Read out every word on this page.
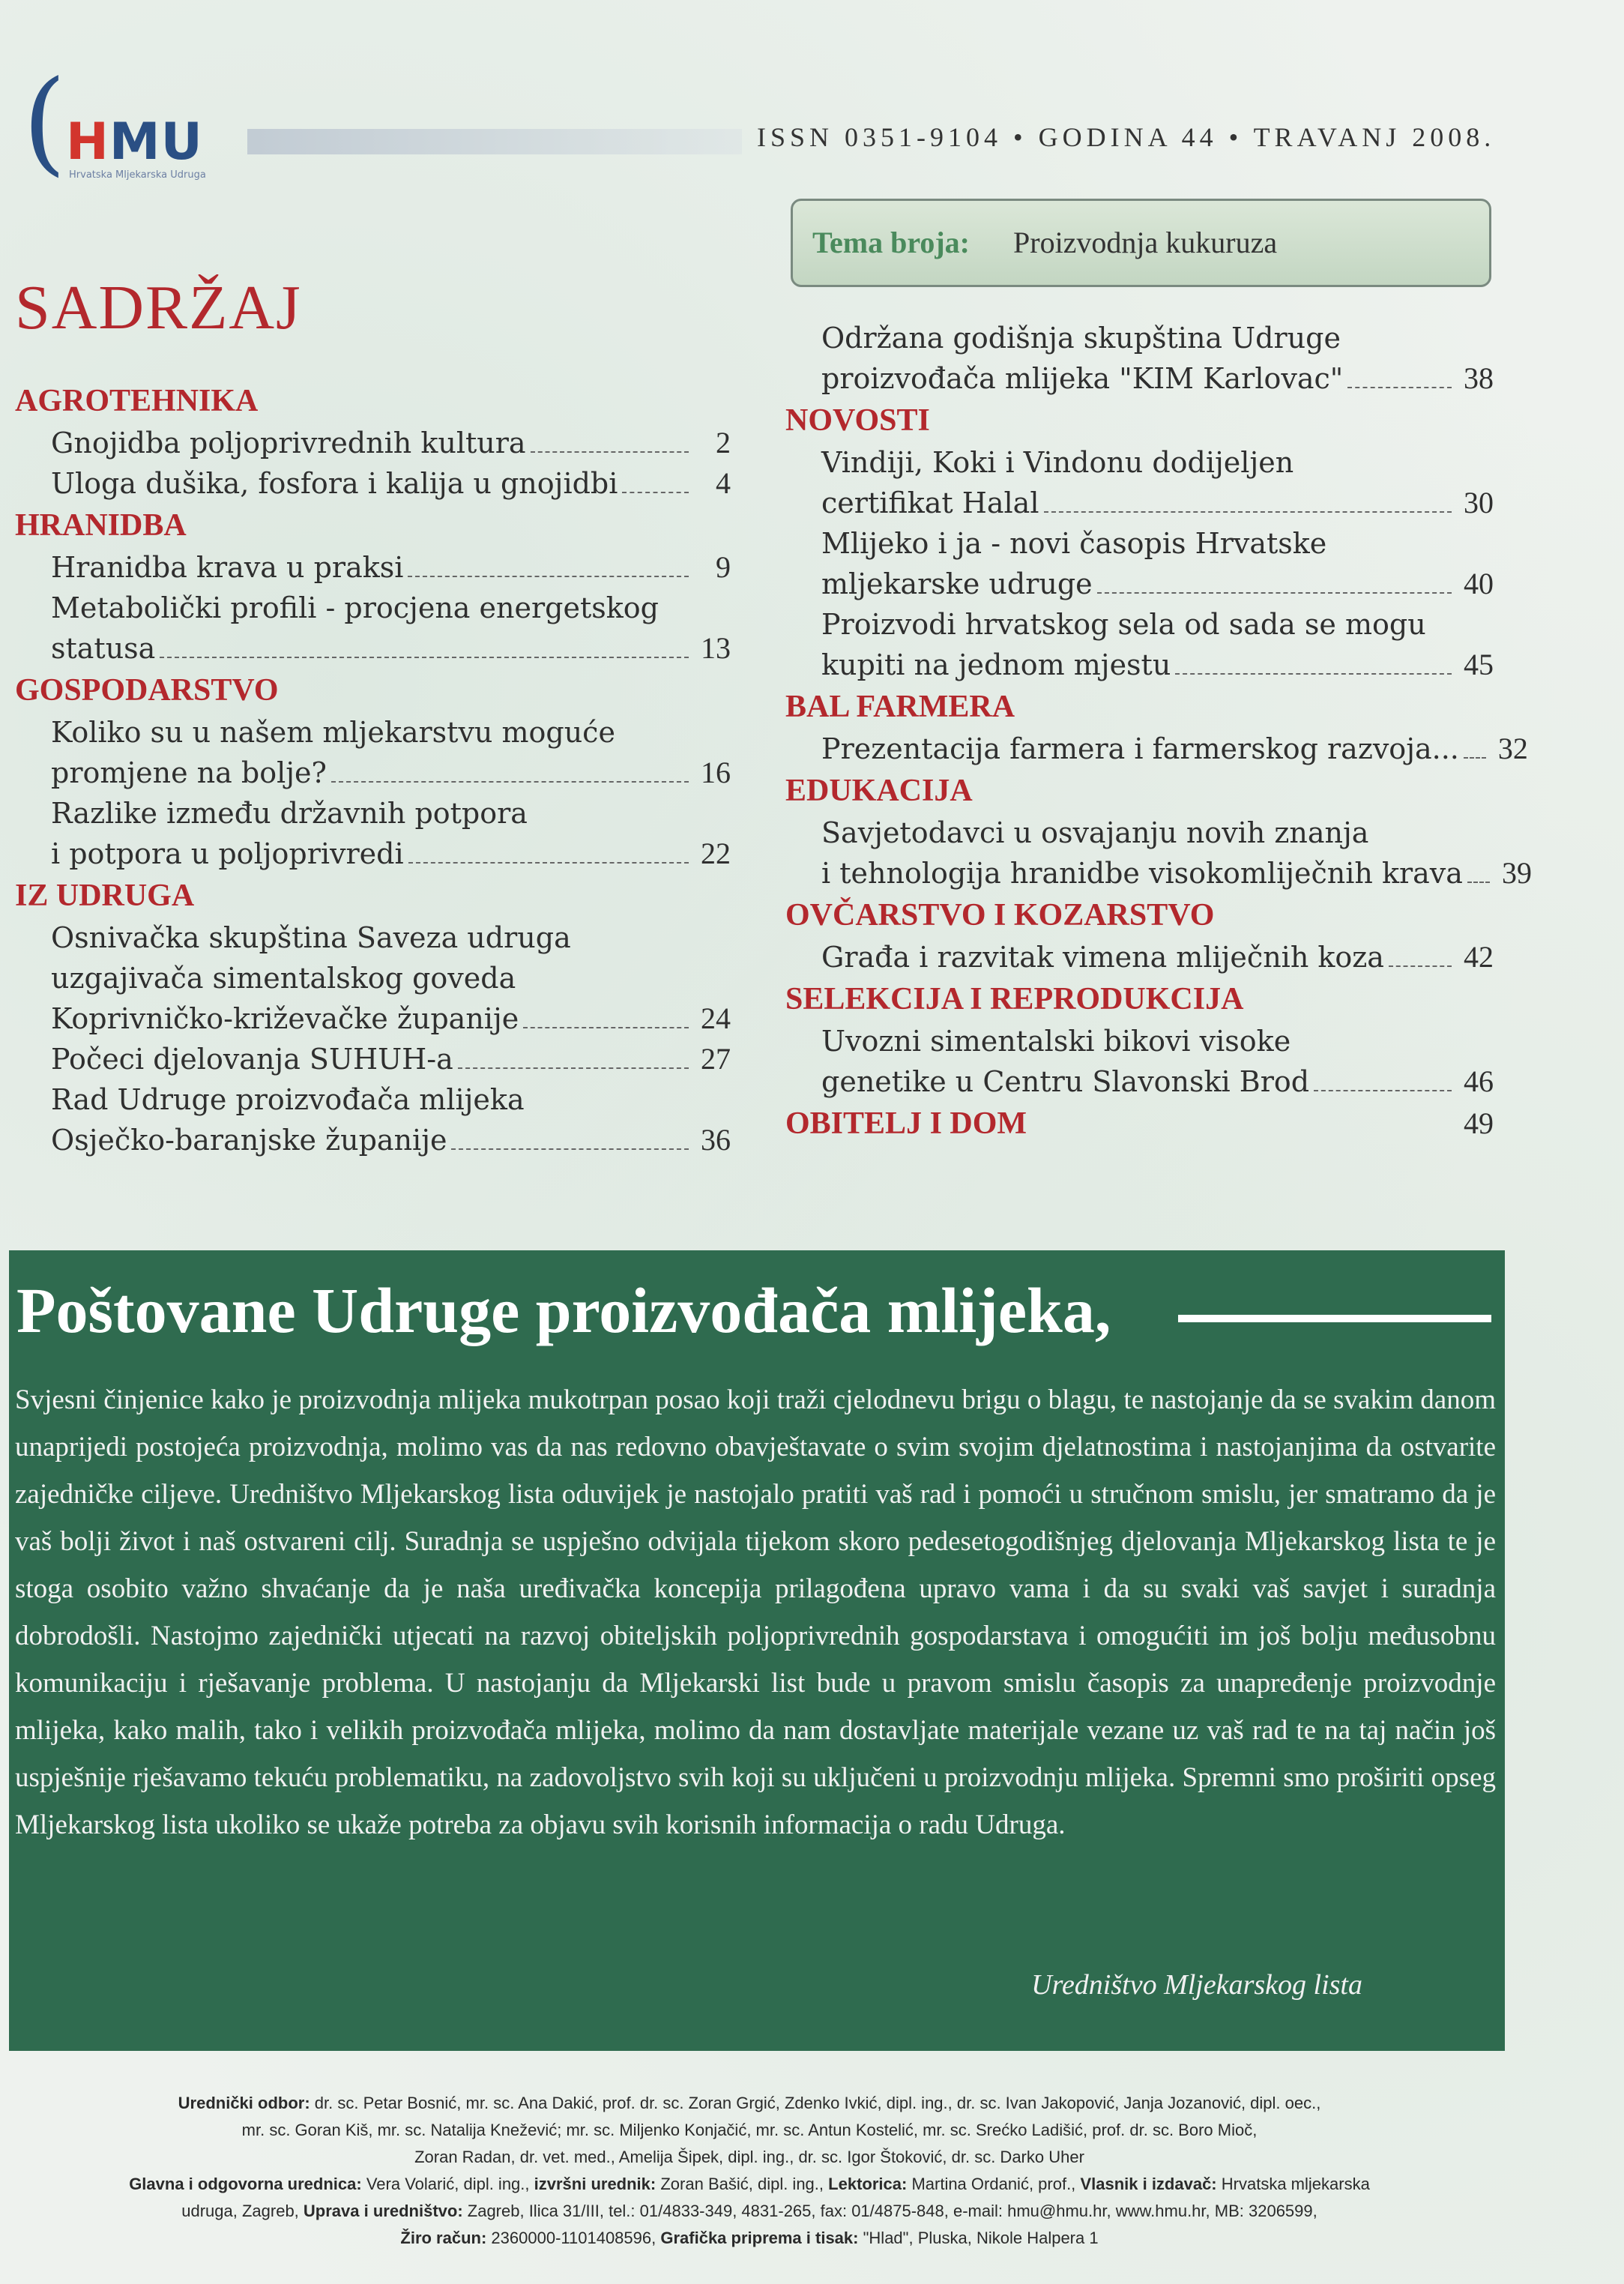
( HMU
Hrvatska Mljekarska Udruga
ISSN 0351-9104 • GODINA 44 • TRAVANJ 2008.
Tema broja: Proizvodnja kukuruza
SADRŽAJ
AGROTEHNIKA
Gnojidba poljoprivrednih kultura	2
Uloga dušika, fosfora i kalija u gnojidbi	4
HRANIDBA
Hranidba krava u praksi	9
Metabolički profili - procjena energetskog
statusa	13
GOSPODARSTVO
Koliko su u našem mljekarstvu moguće
promjene na bolje?	16
Razlike između državnih potpora
i potpora u poljoprivredi	22
IZ UDRUGA
Osnivačka skupština Saveza udruga
uzgajivača simentalskog goveda
Koprivničko-križevačke županije	24
Počeci djelovanja SUHUH-a	27
Rad Udruge proizvođača mlijeka
Osječko-baranjske županije	36
Održana godišnja skupština Udruge
proizvođača mlijeka "KIM Karlovac"	38
NOVOSTI
Vindiji, Koki i Vindonu dodijeljen
certifikat Halal	30
Mlijeko i ja - novi časopis Hrvatske
mljekarske udruge	40
Proizvodi hrvatskog sela od sada se mogu
kupiti na jednom mjestu	45
BAL FARMERA
Prezentacija farmera i farmerskog razvoja... 32
EDUKACIJA
Savjetodavci u osvajanju novih znanja
i tehnologija hranidbe visokomliječnih krava 39
OVČARSTVO I KOZARSTVO
Građa i razvitak vimena mliječnih koza	42
SELEKCIJA I REPRODUKCIJA
Uvozni simentalski bikovi visoke
genetike u Centru Slavonski Brod	46
OBITELJ I DOM	49
Poštovane Udruge proizvođača mlijeka,
Svjesni činjenice kako je proizvodnja mlijeka mukotrpan posao koji traži cjelodnevu brigu o blagu, te nastojanje da se svakim danom unaprijedi postojeća proizvodnja, molimo vas da nas redovno obavještavate o svim svojim djelatnostima i nastojanjima da ostvarite zajedničke ciljeve. Uredništvo Mljekarskog lista oduvijek je nastojalo pratiti vaš rad i pomoći u stručnom smislu, jer smatramo da je vaš bolji život i naš ostvareni cilj. Suradnja se uspješno odvijala tijekom skoro pedesetogodišnjeg djelovanja Mljekarskog lista te je stoga osobito važno shvaćanje da je naša uređivačka koncepija prilagođena upravo vama i da su svaki vaš savjet i suradnja dobrodošli. Nastojmo zajednički utjecati na razvoj obiteljskih poljoprivrednih gospodarstava i omogućiti im još bolju međusobnu komunikaciju i rješavanje problema. U nastojanju da Mljekarski list bude u pravom smislu časopis za unapređenje proizvodnje mlijeka, kako malih, tako i velikih proizvođača mlijeka, molimo da nam dostavljate materijale vezane uz vaš rad te na taj način još uspješnije rješavamo tekuću problematiku, na zadovoljstvo svih koji su uključeni u proizvodnju mlijeka. Spremni smo proširiti opseg Mljekarskog lista ukoliko se ukaže potreba za objavu svih korisnih informacija o radu Udruga.
Uredništvo Mljekarskog lista
Urednički odbor: dr. sc. Petar Bosnić, mr. sc. Ana Dakić, prof. dr. sc. Zoran Grgić, Zdenko Ivkić, dipl. ing., dr. sc. Ivan Jakopović, Janja Jozanović, dipl. oec.,
mr. sc. Goran Kiš, mr. sc. Natalija Knežević; mr. sc. Miljenko Konjačić, mr. sc. Antun Kostelić, mr. sc. Srećko Ladišić, prof. dr. sc. Boro Mioč,
Zoran Radan, dr. vet. med., Amelija Šipek, dipl. ing., dr. sc. Igor Štoković, dr. sc. Darko Uher
Glavna i odgovorna urednica: Vera Volarić, dipl. ing., izvršni urednik: Zoran Bašić, dipl. ing., Lektorica: Martina Ordanić, prof., Vlasnik i izdavač: Hrvatska mljekarska
udruga, Zagreb, Uprava i uredništvo: Zagreb, Ilica 31/III, tel.: 01/4833-349, 4831-265, fax: 01/4875-848, e-mail: hmu@hmu.hr, www.hmu.hr, MB: 3206599,
Žiro račun: 2360000-1101408596, Grafička priprema i tisak: "Hlad", Pluska, Nikole Halpera 1
